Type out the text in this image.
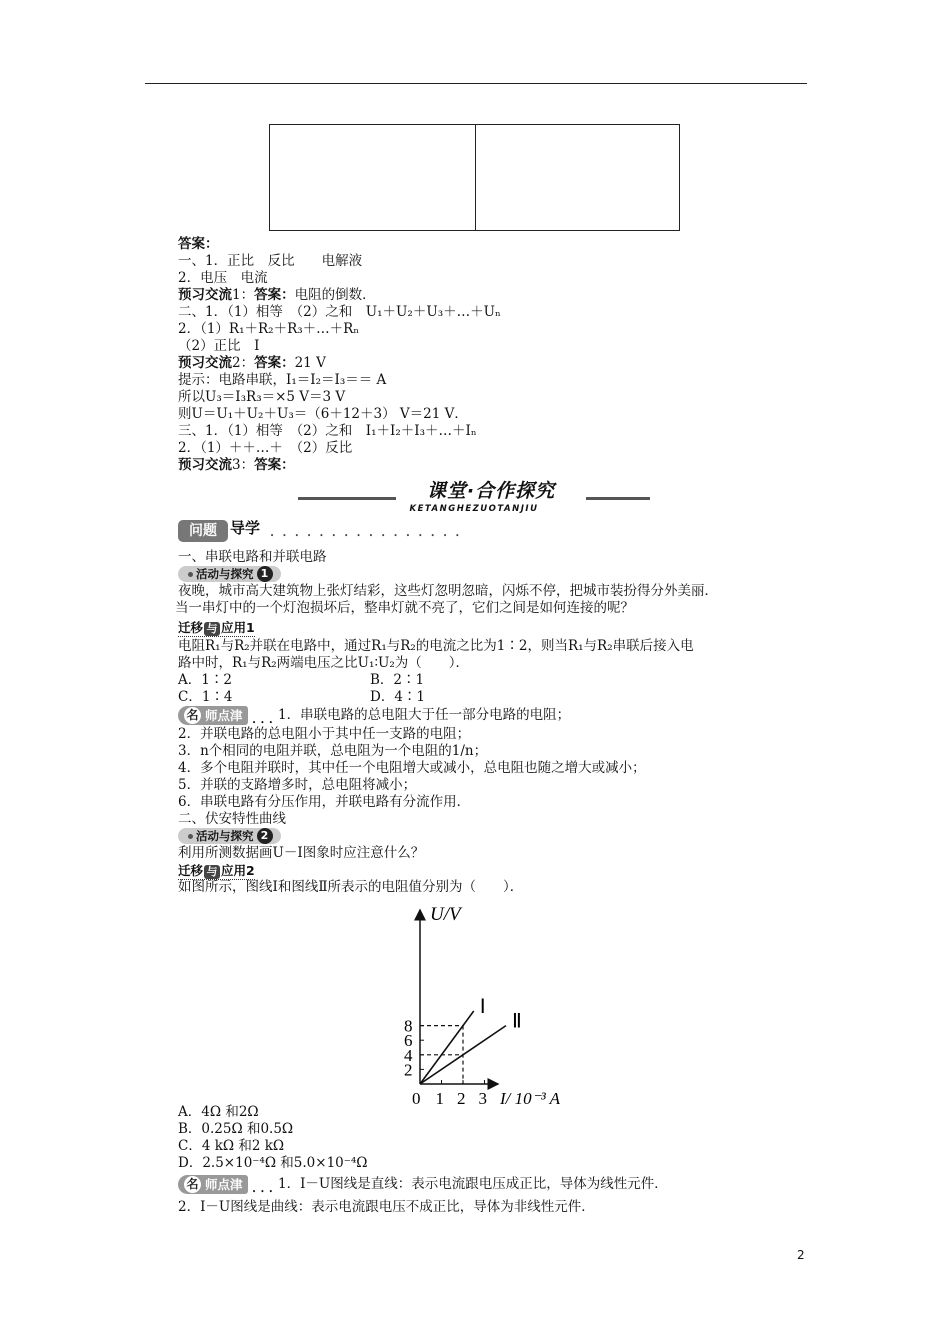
答案：
一、1．正比　反比　　电解液
2．电压　电流
预习交流1：答案：电阻的倒数．
二、1．（1）相等　（2）之和　U₁＋U₂＋U₃＋…＋Uₙ
2．（1）R₁＋R₂＋R₃＋…＋Rₙ
（2）正比　I
预习交流2：答案：21 V
提示：电路串联，I₁＝I₂＝I₃＝＝ A
所以U₃＝I₃R₃＝×5 V＝3 V
则U＝U₁＋U₂＋U₃＝（6＋12＋3） V＝21 V．
三、1．（1）相等　（2）之和　I₁＋I₂＋I₃＋…＋Iₙ
2．（1）＋＋…＋　（2）反比
预习交流3：答案：
课堂·合作探究
KETANGHEZUOTANJIU
问题 导学 • • • • • • • • • • • • • • • •
一、串联电路和并联电路
活动与探究 1
夜晚，城市高大建筑物上张灯结彩，这些灯忽明忽暗，闪烁不停，把城市装扮得分外美丽．
当一串灯中的一个灯泡损坏后，整串灯就不亮了，它们之间是如何连接的呢？
迁移 与 应用1
电阻R₁与R₂并联在电路中，通过R₁与R₂的电流之比为1∶2，则当R₁与R₂串联后接入电
路中时，R₁与R₂两端电压之比U₁∶U₂为（　　）．
A．1∶2	B．2∶1
C．1∶4	D．4∶1
名 师点津 • • • 1．串联电路的总电阻大于任一部分电路的电阻；
2．并联电路的总电阻小于其中任一支路的电阻；
3．n个相同的电阻并联，总电阻为一个电阻的1/n；
4．多个电阻并联时，其中任一个电阻增大或减小，总电阻也随之增大或减小；
5．并联的支路增多时，总电阻将减小；
6．串联电路有分压作用，并联电路有分流作用．
二、伏安特性曲线
活动与探究 2
利用所测数据画U－I图象时应注意什么？
迁移 与 应用2
如图所示，图线Ⅰ和图线Ⅱ所表示的电阻值分别为（　　）．
Ⅰ
Ⅱ
2
4
6
8
0 1 2 3
U/V
I/ 10⁻³ A
A．4Ω 和2Ω
B．0.25Ω 和0.5Ω
C．4 kΩ 和2 kΩ
D．2.5×10⁻⁴Ω 和5.0×10⁻⁴Ω
名 师点津 • • • 1．I－U图线是直线：表示电流跟电压成正比，导体为线性元件．
2．I－U图线是曲线：表示电流跟电压不成正比，导体为非线性元件．
2
